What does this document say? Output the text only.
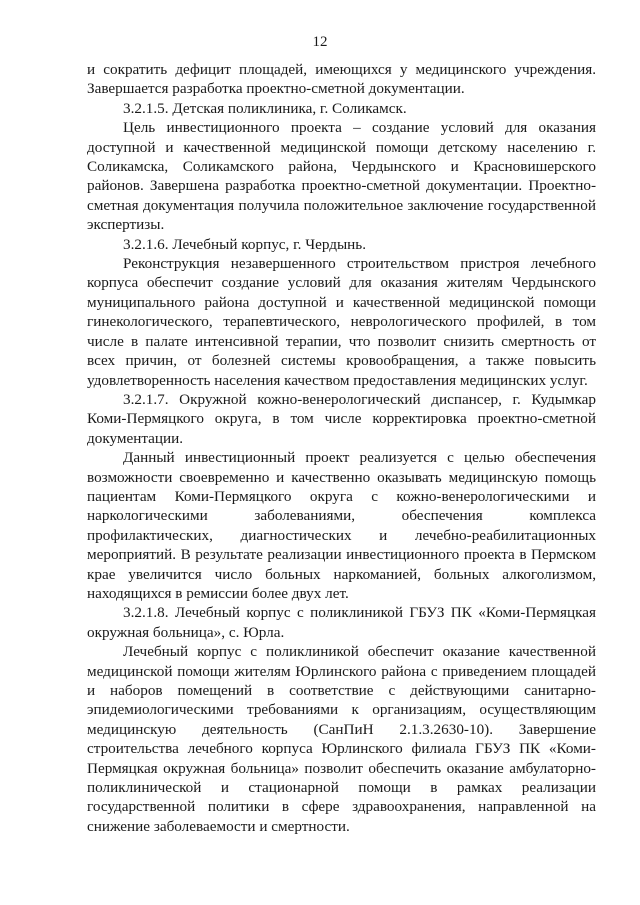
12

и сократить дефицит площадей, имеющихся у медицинского учреждения. Завершается разработка проектно-сметной документации.

3.2.1.5. Детская поликлиника, г. Соликамск.

Цель инвестиционного проекта – создание условий для оказания доступной и качественной медицинской помощи детскому населению г. Соликамска, Соликамского района, Чердынского и Красновишерского районов. Завершена разработка проектно-сметной документации. Проектно-сметная документация получила положительное заключение государственной экспертизы.

3.2.1.6. Лечебный корпус, г. Чердынь.

Реконструкция незавершенного строительством пристроя лечебного корпуса обеспечит создание условий для оказания жителям Чердынского муниципального района доступной и качественной медицинской помощи гинекологического, терапевтического, неврологического профилей, в том числе в палате интенсивной терапии, что позволит снизить смертность от всех причин, от болезней системы кровообращения, а также повысить удовлетворенность населения качеством предоставления медицинских услуг.

3.2.1.7. Окружной кожно-венерологический диспансер, г. Кудымкар Коми-Пермяцкого округа, в том числе корректировка проектно-сметной документации.

Данный инвестиционный проект реализуется с целью обеспечения возможности своевременно и качественно оказывать медицинскую помощь пациентам Коми-Пермяцкого округа с кожно-венерологическими и наркологическими заболеваниями, обеспечения комплекса профилактических, диагностических и лечебно-реабилитационных мероприятий. В результате реализации инвестиционного проекта в Пермском крае увеличится число больных наркоманией, больных алкоголизмом, находящихся в ремиссии более двух лет.

3.2.1.8. Лечебный корпус с поликлиникой ГБУЗ ПК «Коми-Пермяцкая окружная больница», с. Юрла.

Лечебный корпус с поликлиникой обеспечит оказание качественной медицинской помощи жителям Юрлинского района с приведением площадей и наборов помещений в соответствие с действующими санитарно-эпидемиологическими требованиями к организациям, осуществляющим медицинскую деятельность (СанПиН 2.1.3.2630-10). Завершение строительства лечебного корпуса Юрлинского филиала ГБУЗ ПК «Коми-Пермяцкая окружная больница» позволит обеспечить оказание амбулаторно-поликлинической и стационарной помощи в рамках реализации государственной политики в сфере здравоохранения, направленной на снижение заболеваемости и смертности.
